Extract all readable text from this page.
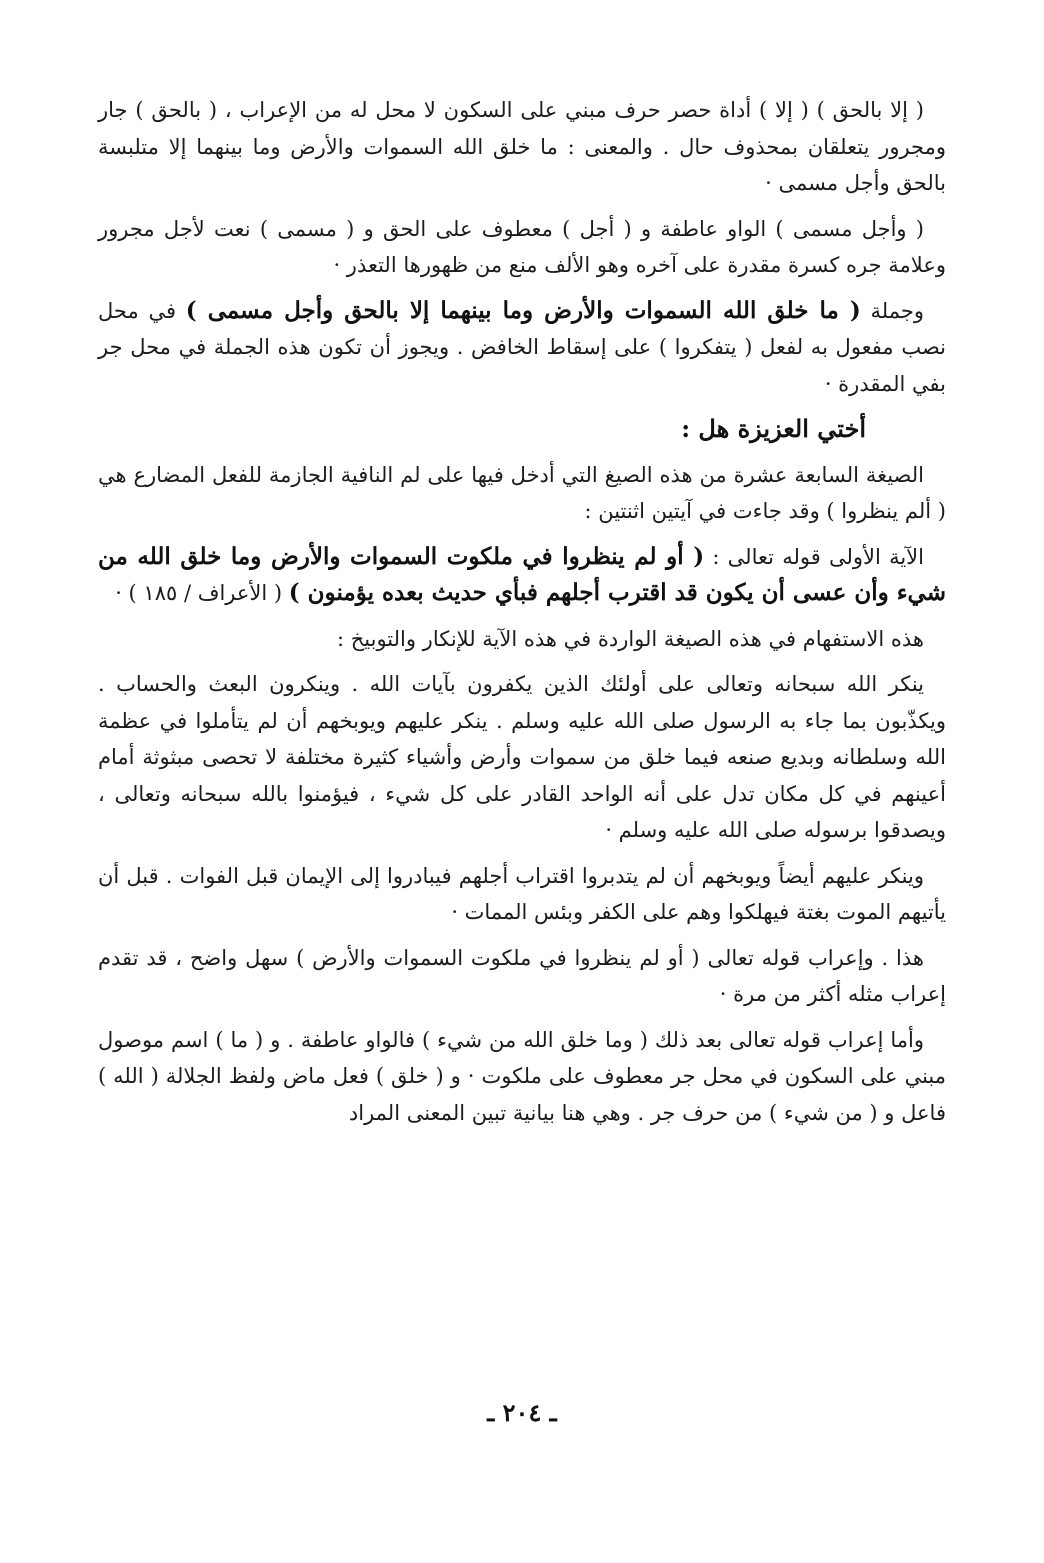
( إلا بالحق ) ( إلا ) أداة حصر حرف مبني على السكون لا محل له من الإعراب ، ( بالحق ) جار ومجرور يتعلقان بمحذوف حال . والمعنى : ما خلق الله السموات والأرض وما بينهما إلا متلبسة بالحق وأجل مسمى ·

( وأجل مسمى ) الواو عاطفة و ( أجل ) معطوف على الحق و ( مسمى ) نعت لأجل مجرور وعلامة جره كسرة مقدرة على آخره وهو الألف منع من ظهورها التعذر ·

وجملة ( ما خلق الله السموات والأرض وما بينهما إلا بالحق وأجل مسمى ) في محل نصب مفعول به لفعل ( يتفكروا ) على إسقاط الخافض . ويجوز أن تكون هذه الجملة في محل جر بفي المقدرة ·

أختي العزيزة هل :

الصيغة السابعة عشرة من هذه الصيغ التي أدخل فيها على لم النافية الجازمة للفعل المضارع هي ( ألم ينظروا ) وقد جاءت في آيتين اثنتين :

الآية الأولى قوله تعالى : ( أو لم ينظروا في ملكوت السموات والأرض وما خلق الله من شيء وأن عسى أن يكون قد اقترب أجلهم فبأي حديث بعده يؤمنون ) ( الأعراف / ١٨٥ ) ·

هذه الاستفهام في هذه الصيغة الواردة في هذه الآية للإنكار والتوبيخ :

ينكر الله سبحانه وتعالى على أولئك الذين يكفرون بآيات الله . وينكرون البعث والحساب . ويكذّبون بما جاء به الرسول صلى الله عليه وسلم . ينكر عليهم ويوبخهم أن لم يتأملوا في عظمة الله وسلطانه وبديع صنعه فيما خلق من سموات وأرض وأشياء كثيرة مختلفة لا تحصى مبثوثة أمام أعينهم في كل مكان تدل على أنه الواحد القادر على كل شيء ، فيؤمنوا بالله سبحانه وتعالى ، ويصدقوا برسوله صلى الله عليه وسلم ·

وينكر عليهم أيضاً ويوبخهم أن لم يتدبروا اقتراب أجلهم فيبادروا إلى الإيمان قبل الفوات . قبل أن يأتيهم الموت بغتة فيهلكوا وهم على الكفر وبئس الممات ·

هذا . وإعراب قوله تعالى ( أو لم ينظروا في ملكوت السموات والأرض ) سهل واضح ، قد تقدم إعراب مثله أكثر من مرة ·

وأما إعراب قوله تعالى بعد ذلك ( وما خلق الله من شيء ) فالواو عاطفة . و ( ما ) اسم موصول مبني على السكون في محل جر معطوف على ملكوت · و ( خلق ) فعل ماض ولفظ الجلالة ( الله ) فاعل و ( من شيء ) من حرف جر . وهي هنا بيانية تبين المعنى المراد

ـ ٢٠٤ ـ
